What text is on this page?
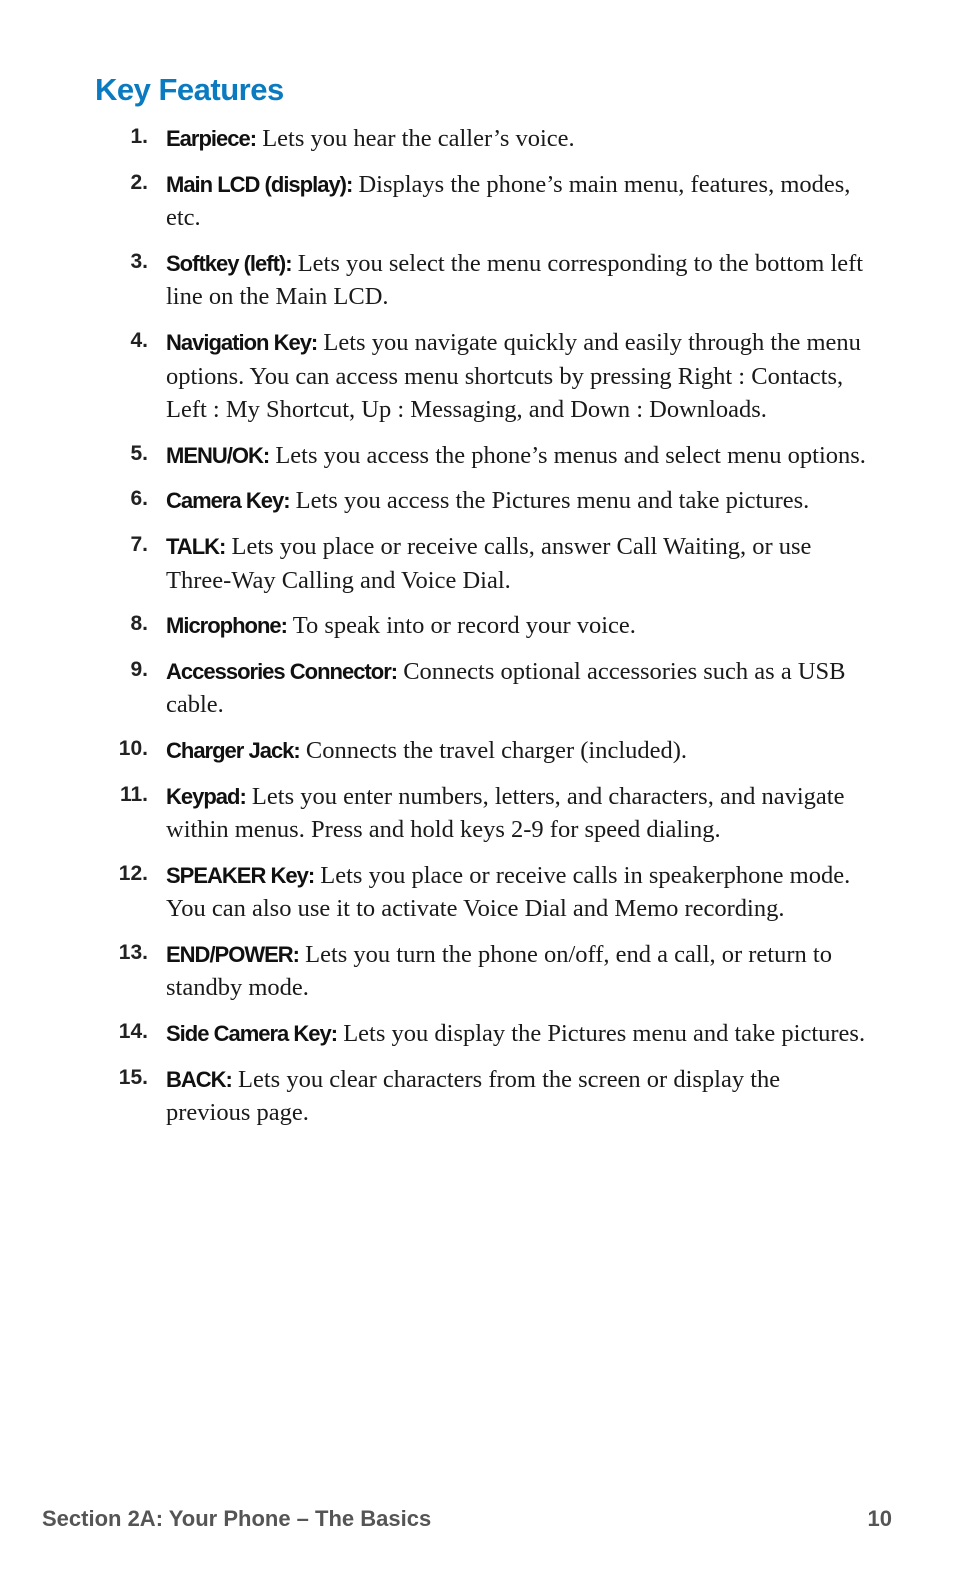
Key Features
1. Earpiece: Lets you hear the caller’s voice.
2. Main LCD (display): Displays the phone’s main menu, features, modes, etc.
3. Softkey (left): Lets you select the menu corresponding to the bottom left line on the Main LCD.
4. Navigation Key: Lets you navigate quickly and easily through the menu options. You can access menu shortcuts by pressing Right : Contacts, Left : My Shortcut, Up : Messaging, and Down : Downloads.
5. MENU/OK: Lets you access the phone’s menus and select menu options.
6. Camera Key: Lets you access the Pictures menu and take pictures.
7. TALK: Lets you place or receive calls, answer Call Waiting, or use Three-Way Calling and Voice Dial.
8. Microphone: To speak into or record your voice.
9. Accessories Connector: Connects optional accessories such as a USB cable.
10. Charger Jack: Connects the travel charger (included).
11. Keypad: Lets you enter numbers, letters, and characters, and navigate within menus. Press and hold keys 2-9 for speed dialing.
12. SPEAKER Key: Lets you place or receive calls in speakerphone mode. You can also use it to activate Voice Dial and Memo recording.
13. END/POWER: Lets you turn the phone on/off, end a call, or return to standby mode.
14. Side Camera Key: Lets you display the Pictures menu and take pictures.
15. BACK: Lets you clear characters from the screen or display the previous page.
Section 2A: Your Phone – The Basics	10
